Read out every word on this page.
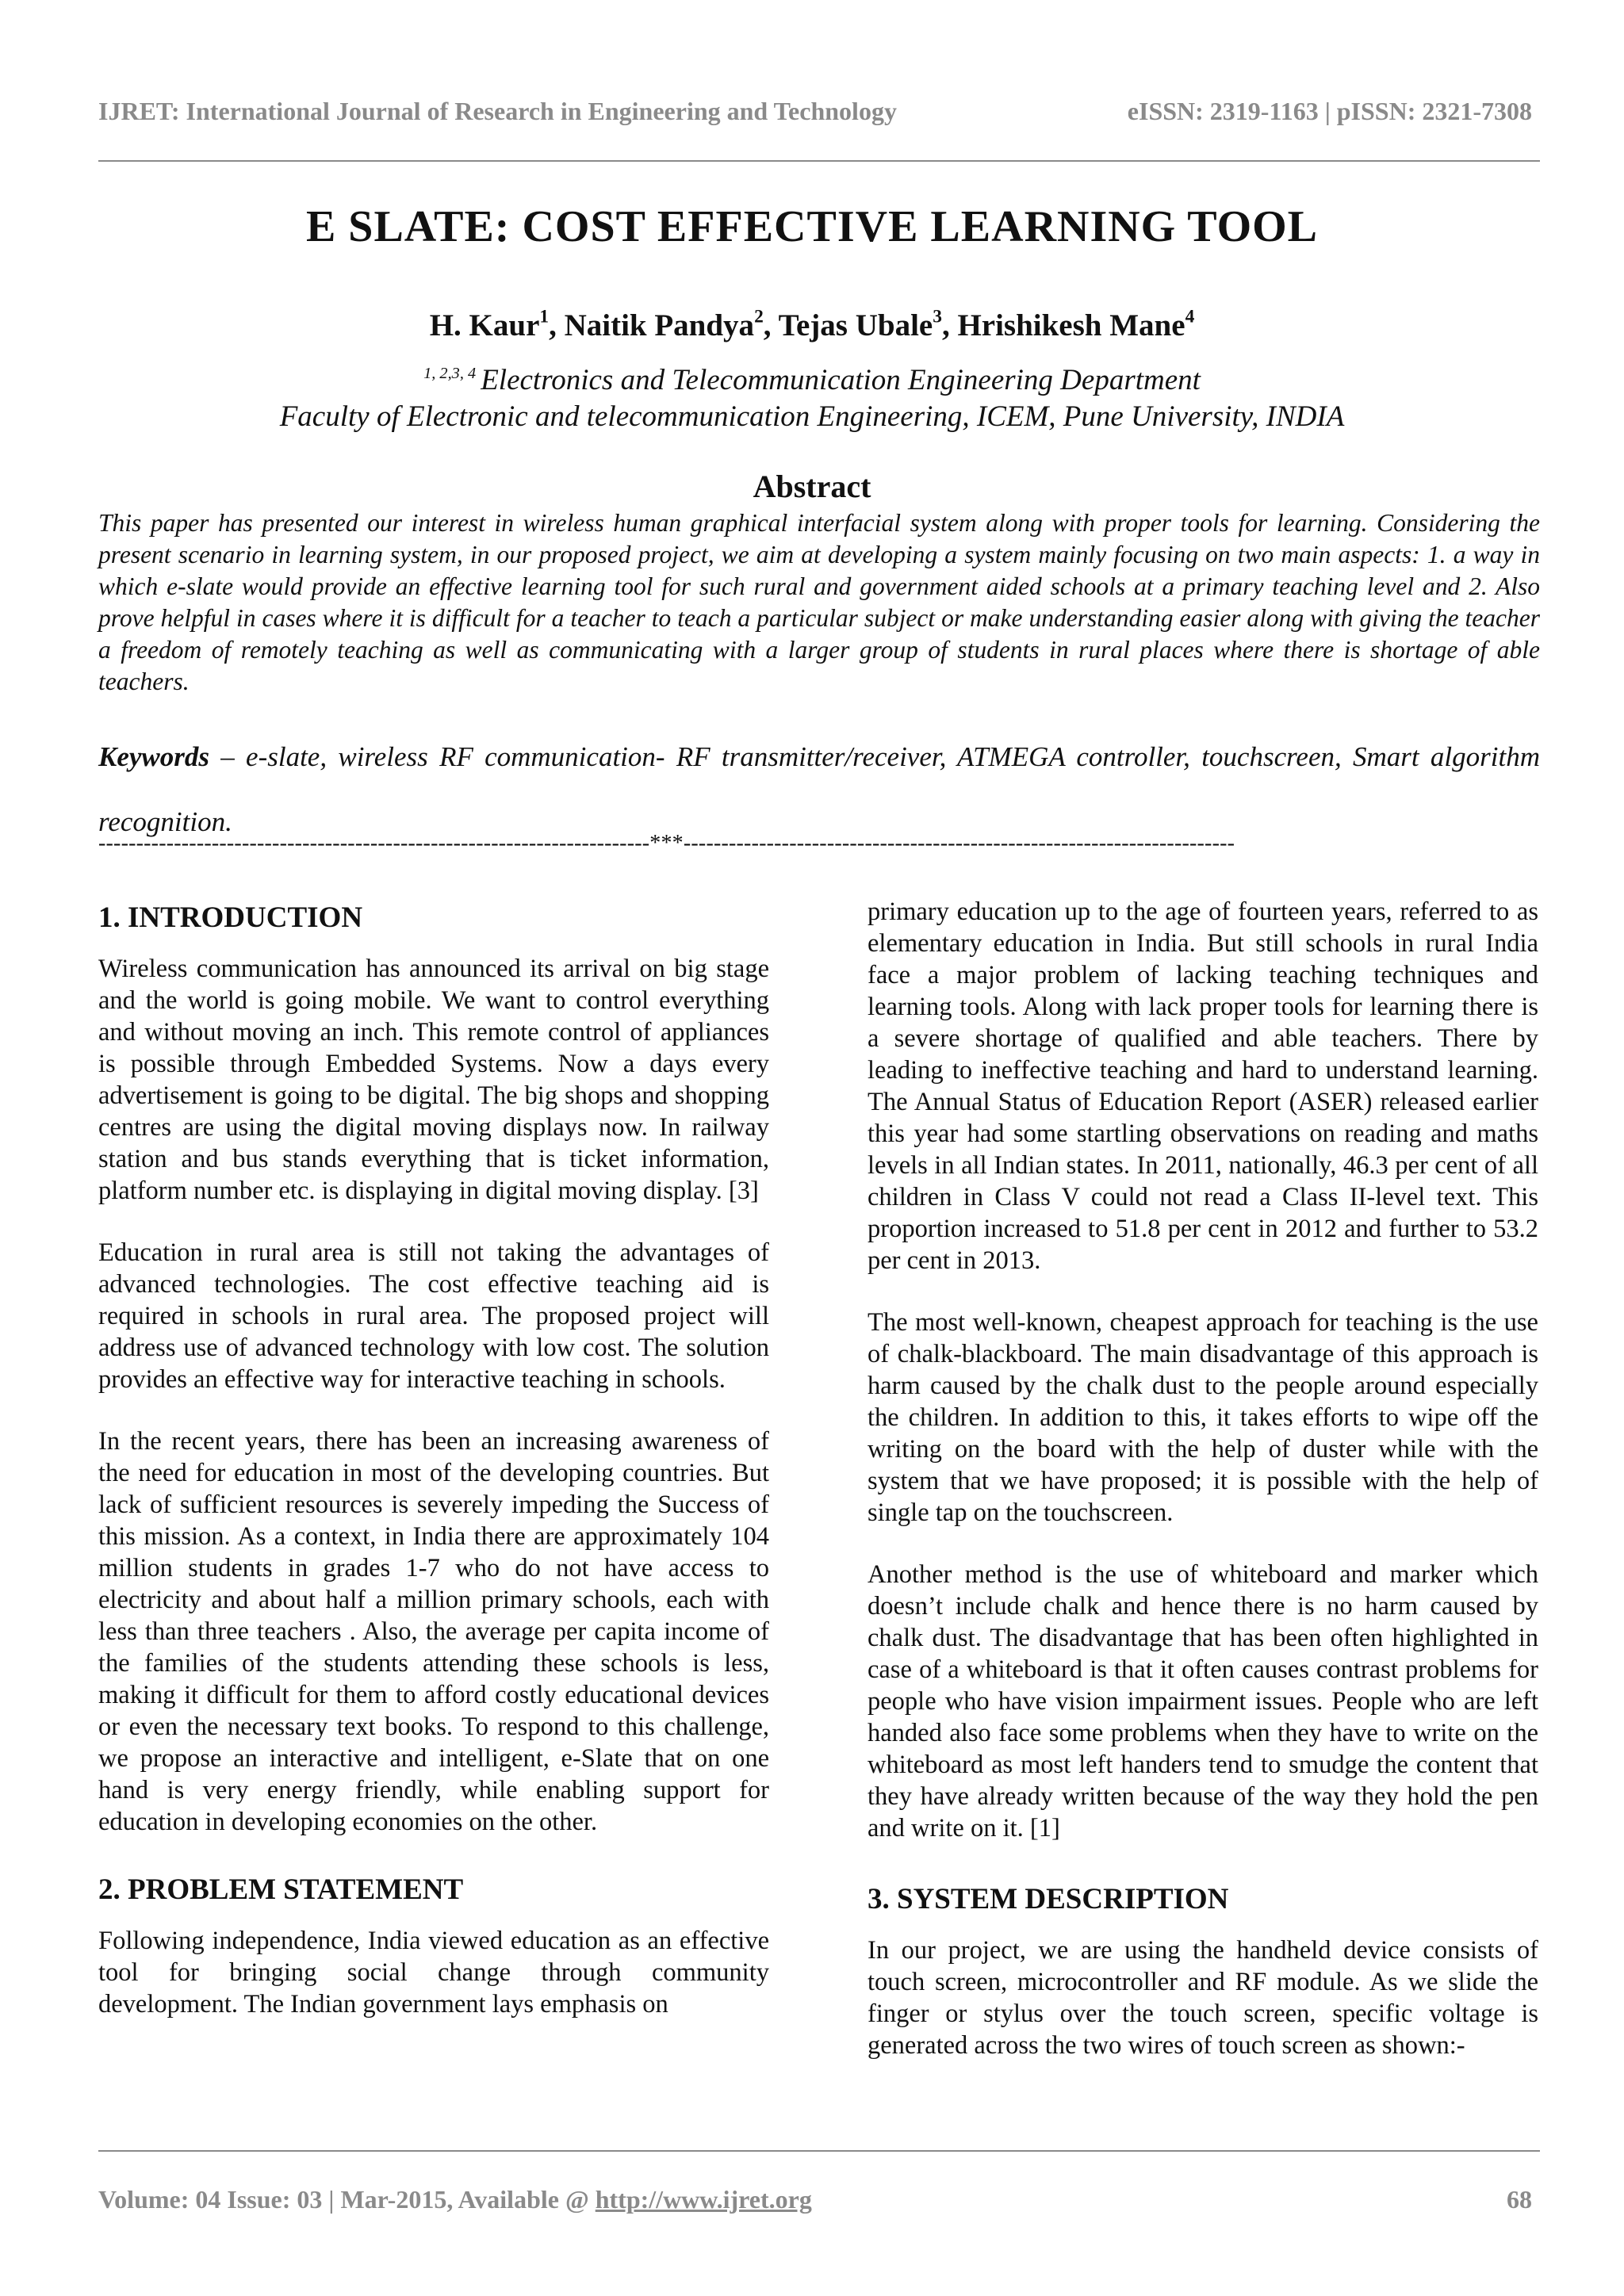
IJRET: International Journal of Research in Engineering and Technology	eISSN: 2319-1163 | pISSN: 2321-7308
E SLATE: COST EFFECTIVE LEARNING TOOL
H. Kaur$^1$, Naitik Pandya$^2$, Tejas Ubale$^3$, Hrishikesh Mane$^4$
$^{1, 2,3, 4}$ Electronics and Telecommunication Engineering Department
Faculty of Electronic and telecommunication Engineering, ICEM, Pune University, INDIA
Abstract

This paper has presented our interest in wireless human graphical interfacial system along with proper tools for learning. Considering the present scenario in learning system, in our proposed project, we aim at developing a system mainly focusing on two main aspects: 1. a way in which e-slate would provide an effective learning tool for such rural and government aided schools at a primary teaching level and 2. Also prove helpful in cases where it is difficult for a teacher to teach a particular subject or make understanding easier along with giving the teacher a freedom of remotely teaching as well as communicating with a larger group of students in rural places where there is shortage of able teachers.

Keywords – e-slate, wireless RF communication- RF transmitter/receiver, ATMEGA controller, touchscreen, Smart algorithm recognition.

-------------------------------------------------------------------------***-------------------------------------------------------------------------
1. INTRODUCTION

Wireless communication has announced its arrival on big stage and the world is going mobile. We want to control everything and without moving an inch. This remote control of appliances is possible through Embedded Systems. Now a days every advertisement is going to be digital. The big shops and shopping centres are using the digital moving displays now. In railway station and bus stands everything that is ticket information, platform number etc. is displaying in digital moving display. [3]

Education in rural area is still not taking the advantages of advanced technologies. The cost effective teaching aid is required in schools in rural area. The proposed project will address use of advanced technology with low cost. The solution provides an effective way for interactive teaching in schools.

In the recent years, there has been an increasing awareness of the need for education in most of the developing countries. But lack of sufficient resources is severely impeding the Success of this mission. As a context, in India there are approximately 104 million students in grades 1-7 who do not have access to electricity and about half a million primary schools, each with less than three teachers . Also, the average per capita income of the families of the students attending these schools is less, making it difficult for them to afford costly educational devices or even the necessary text books. To respond to this challenge, we propose an interactive and intelligent, e-Slate that on one hand is very energy friendly, while enabling support for education in developing economies on the other.

2. PROBLEM STATEMENT

Following independence, India viewed education as an effective tool for bringing social change through community development. The Indian government lays emphasis on

primary education up to the age of fourteen years, referred to as elementary education in India. But still schools in rural India face a major problem of lacking teaching techniques and learning tools. Along with lack proper tools for learning there is a severe shortage of qualified and able teachers. There by leading to ineffective teaching and hard to understand learning. The Annual Status of Education Report (ASER) released earlier this year had some startling observations on reading and maths levels in all Indian states. In 2011, nationally, 46.3 per cent of all children in Class V could not read a Class II-level text. This proportion increased to 51.8 per cent in 2012 and further to 53.2 per cent in 2013.

The most well-known, cheapest approach for teaching is the use of chalk-blackboard. The main disadvantage of this approach is harm caused by the chalk dust to the people around especially the children. In addition to this, it takes efforts to wipe off the writing on the board with the help of duster while with the system that we have proposed; it is possible with the help of single tap on the touchscreen.

Another method is the use of whiteboard and marker which doesn’t include chalk and hence there is no harm caused by chalk dust. The disadvantage that has been often highlighted in case of a whiteboard is that it often causes contrast problems for people who have vision impairment issues. People who are left handed also face some problems when they have to write on the whiteboard as most left handers tend to smudge the content that they have already written because of the way they hold the pen and write on it. [1]

3. SYSTEM DESCRIPTION

In our project, we are using the handheld device consists of touch screen, microcontroller and RF module. As we slide the finger or stylus over the touch screen, specific voltage is generated across the two wires of touch screen as shown:-

Volume: 04 Issue: 03 | Mar-2015, Available @ http://www.ijret.org	68
